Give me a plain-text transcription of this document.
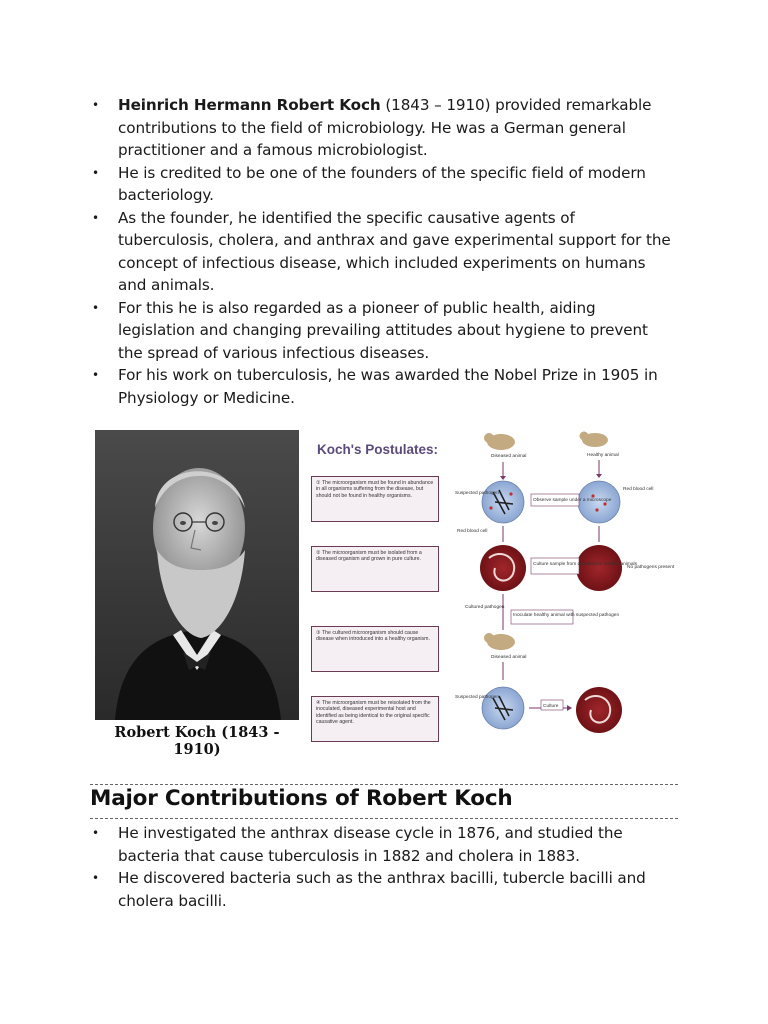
• Heinrich Hermann Robert Koch (1843 – 1910) provided remarkable contributions to the field of microbiology. He was a German general practitioner and a famous microbiologist.
• He is credited to be one of the founders of the specific field of modern bacteriology.
• As the founder, he identified the specific causative agents of tuberculosis, cholera, and anthrax and gave experimental support for the concept of infectious disease, which included experiments on humans and animals.
• For this he is also regarded as a pioneer of public health, aiding legislation and changing prevailing attitudes about hygiene to prevent the spread of various infectious diseases.
• For his work on tuberculosis, he was awarded the Nobel Prize in 1905 in Physiology or Medicine.
Robert Koch (1843 - 1910)
Diseased animal	Healthy animal
Suspected pathogen
Red blood cell
Observe sample under a microscope
Red blood cell
Culture sample from diseased or healthy animals
No pathogens present
Cultured pathogen
Inoculate healthy animal with suspected pathogen
Diseased animal
Suspected pathogen
Culture
Koch's Postulates:
① The microorganism must be found in abundance in all organisms suffering from the disease, but should not be found in healthy organisms.
② The microorganism must be isolated from a diseased organism and grown in pure culture.
③ The cultured microorganism should cause disease when introduced into a healthy organism.
④ The microorganism must be reisolated from the inoculated, diseased experimental host and identified as being identical to the original specific causative agent.
Major Contributions of Robert Koch
• He investigated the anthrax disease cycle in 1876, and studied the bacteria that cause tuberculosis in 1882 and cholera in 1883.
• He discovered bacteria such as the anthrax bacilli, tubercle bacilli and cholera bacilli.
